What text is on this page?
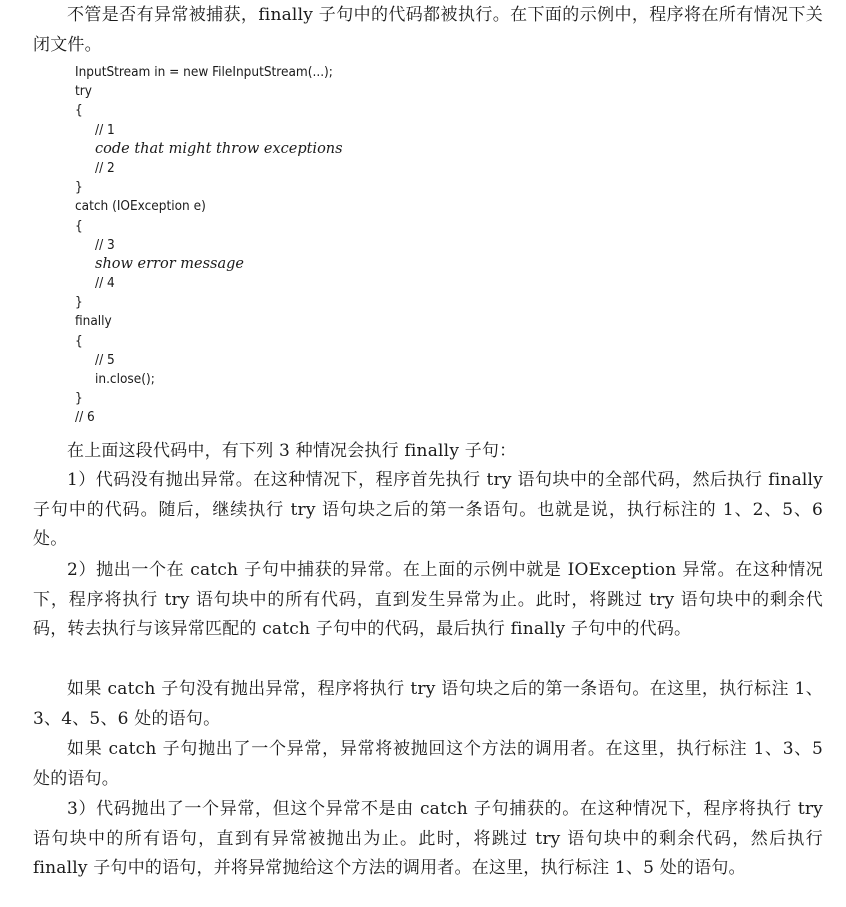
不管是否有异常被捕获，finally 子句中的代码都被执行。在下面的示例中，程序将在所有情况下关闭文件。

InputStream in = new FileInputStream(...);
try
{
// 1
code that might throw exceptions
// 2
}
catch (IOException e)
{
// 3
show error message
// 4
}
finally
{
// 5
in.close();
}
// 6

在上面这段代码中，有下列 3 种情况会执行 finally 子句：

1）代码没有抛出异常。在这种情况下，程序首先执行 try 语句块中的全部代码，然后执行 finally 子句中的代码。随后，继续执行 try 语句块之后的第一条语句。也就是说，执行标注的 1、2、5、6 处。

2）抛出一个在 catch 子句中捕获的异常。在上面的示例中就是 IOException 异常。在这种情况下，程序将执行 try 语句块中的所有代码，直到发生异常为止。此时，将跳过 try 语句块中的剩余代码，转去执行与该异常匹配的 catch 子句中的代码，最后执行 finally 子句中的代码。

如果 catch 子句没有抛出异常，程序将执行 try 语句块之后的第一条语句。在这里，执行标注 1、3、4、5、6 处的语句。

如果 catch 子句抛出了一个异常，异常将被抛回这个方法的调用者。在这里，执行标注 1、3、5 处的语句。

3）代码抛出了一个异常，但这个异常不是由 catch 子句捕获的。在这种情况下，程序将执行 try 语句块中的所有语句，直到有异常被抛出为止。此时，将跳过 try 语句块中的剩余代码，然后执行 finally 子句中的语句，并将异常抛给这个方法的调用者。在这里，执行标注 1、5 处的语句。
